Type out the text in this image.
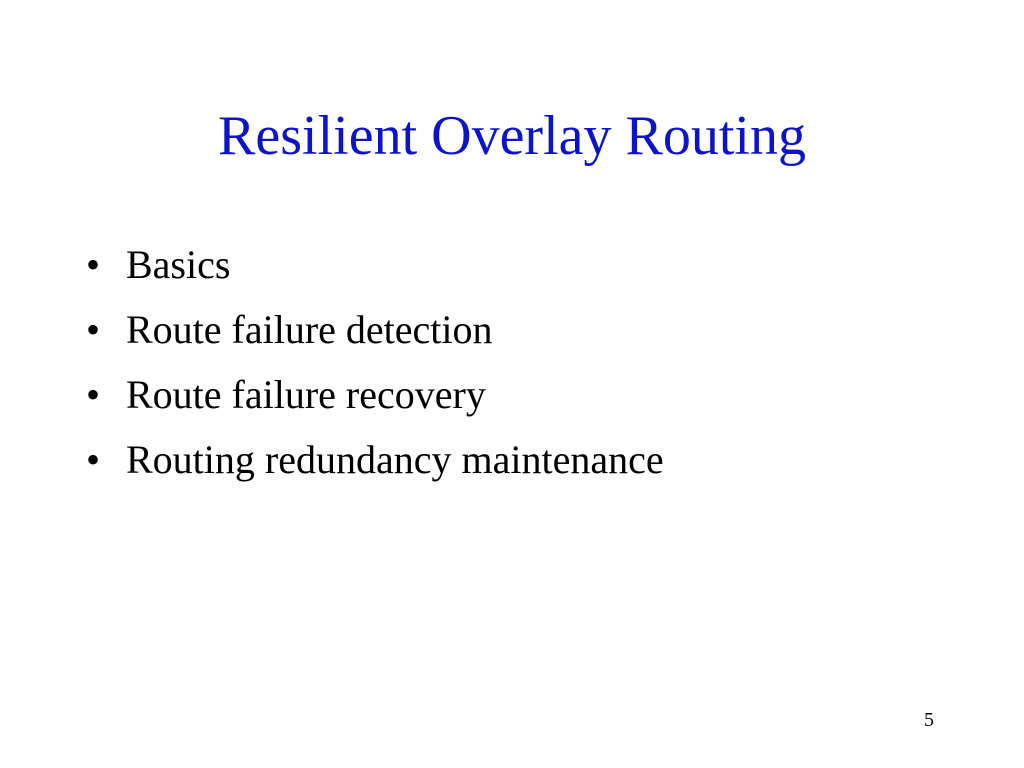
Resilient Overlay Routing
• Basics
• Route failure detection
• Route failure recovery
• Routing redundancy maintenance
5
